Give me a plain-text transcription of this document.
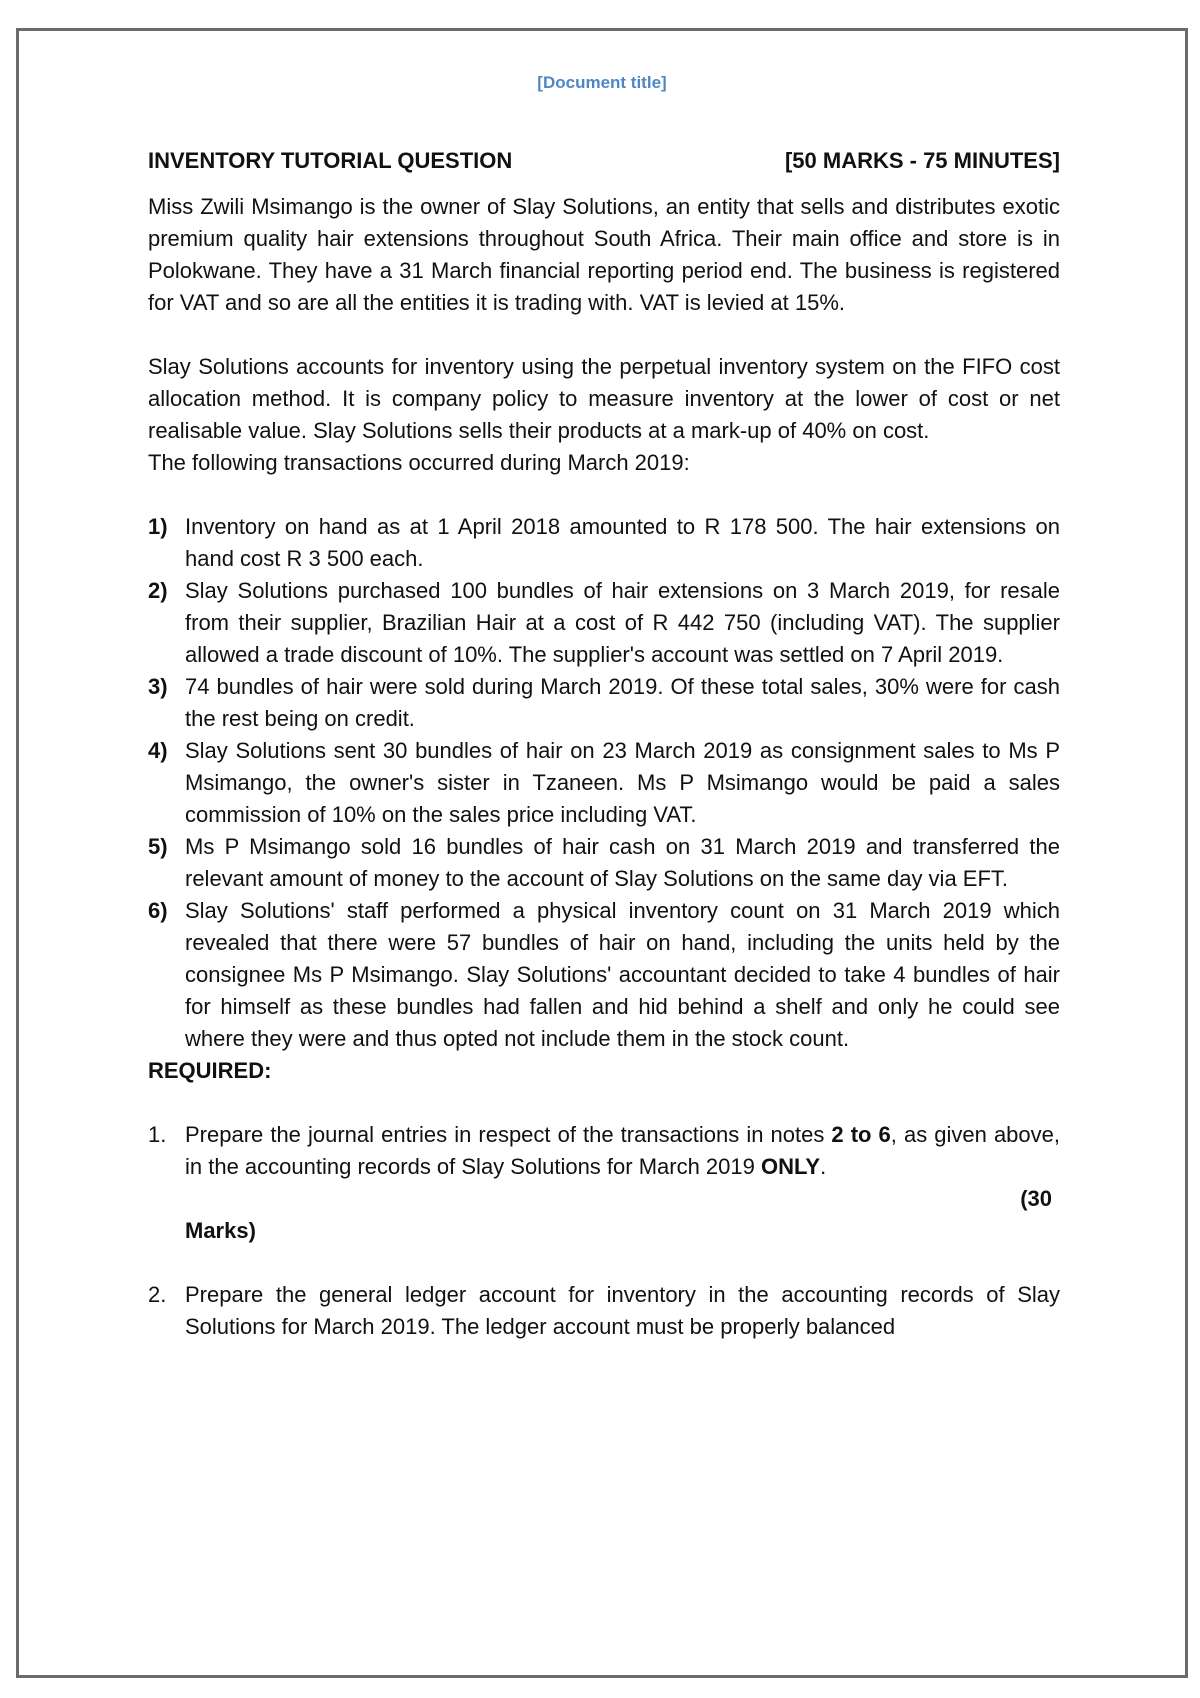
[Document title]
INVENTORY TUTORIAL QUESTION	[50 MARKS - 75 MINUTES]

Miss Zwili Msimango is the owner of Slay Solutions, an entity that sells and distributes exotic premium quality hair extensions throughout South Africa. Their main office and store is in Polokwane. They have a 31 March financial reporting period end. The business is registered for VAT and so are all the entities it is trading with. VAT is levied at 15%.

Slay Solutions accounts for inventory using the perpetual inventory system on the FIFO cost allocation method. It is company policy to measure inventory at the lower of cost or net realisable value. Slay Solutions sells their products at a mark-up of 40% on cost.

The following transactions occurred during March 2019:

1) Inventory on hand as at 1 April 2018 amounted to R 178 500. The hair extensions on hand cost R 3 500 each.
2) Slay Solutions purchased 100 bundles of hair extensions on 3 March 2019, for resale from their supplier, Brazilian Hair at a cost of R 442 750 (including VAT). The supplier allowed a trade discount of 10%. The supplier's account was settled on 7 April 2019.
3) 74 bundles of hair were sold during March 2019. Of these total sales, 30% were for cash the rest being on credit.
4) Slay Solutions sent 30 bundles of hair on 23 March 2019 as consignment sales to Ms P Msimango, the owner's sister in Tzaneen. Ms P Msimango would be paid a sales commission of 10% on the sales price including VAT.
5) Ms P Msimango sold 16 bundles of hair cash on 31 March 2019 and transferred the relevant amount of money to the account of Slay Solutions on the same day via EFT.
6) Slay Solutions' staff performed a physical inventory count on 31 March 2019 which revealed that there were 57 bundles of hair on hand, including the units held by the consignee Ms P Msimango. Slay Solutions' accountant decided to take 4 bundles of hair for himself as these bundles had fallen and hid behind a shelf and only he could see where they were and thus opted not include them in the stock count.
REQUIRED:
1. Prepare the journal entries in respect of the transactions in notes 2 to 6, as given above, in the accounting records of Slay Solutions for March 2019 ONLY.
(30
Marks)
2. Prepare the general ledger account for inventory in the accounting records of Slay Solutions for March 2019. The ledger account must be properly balanced
